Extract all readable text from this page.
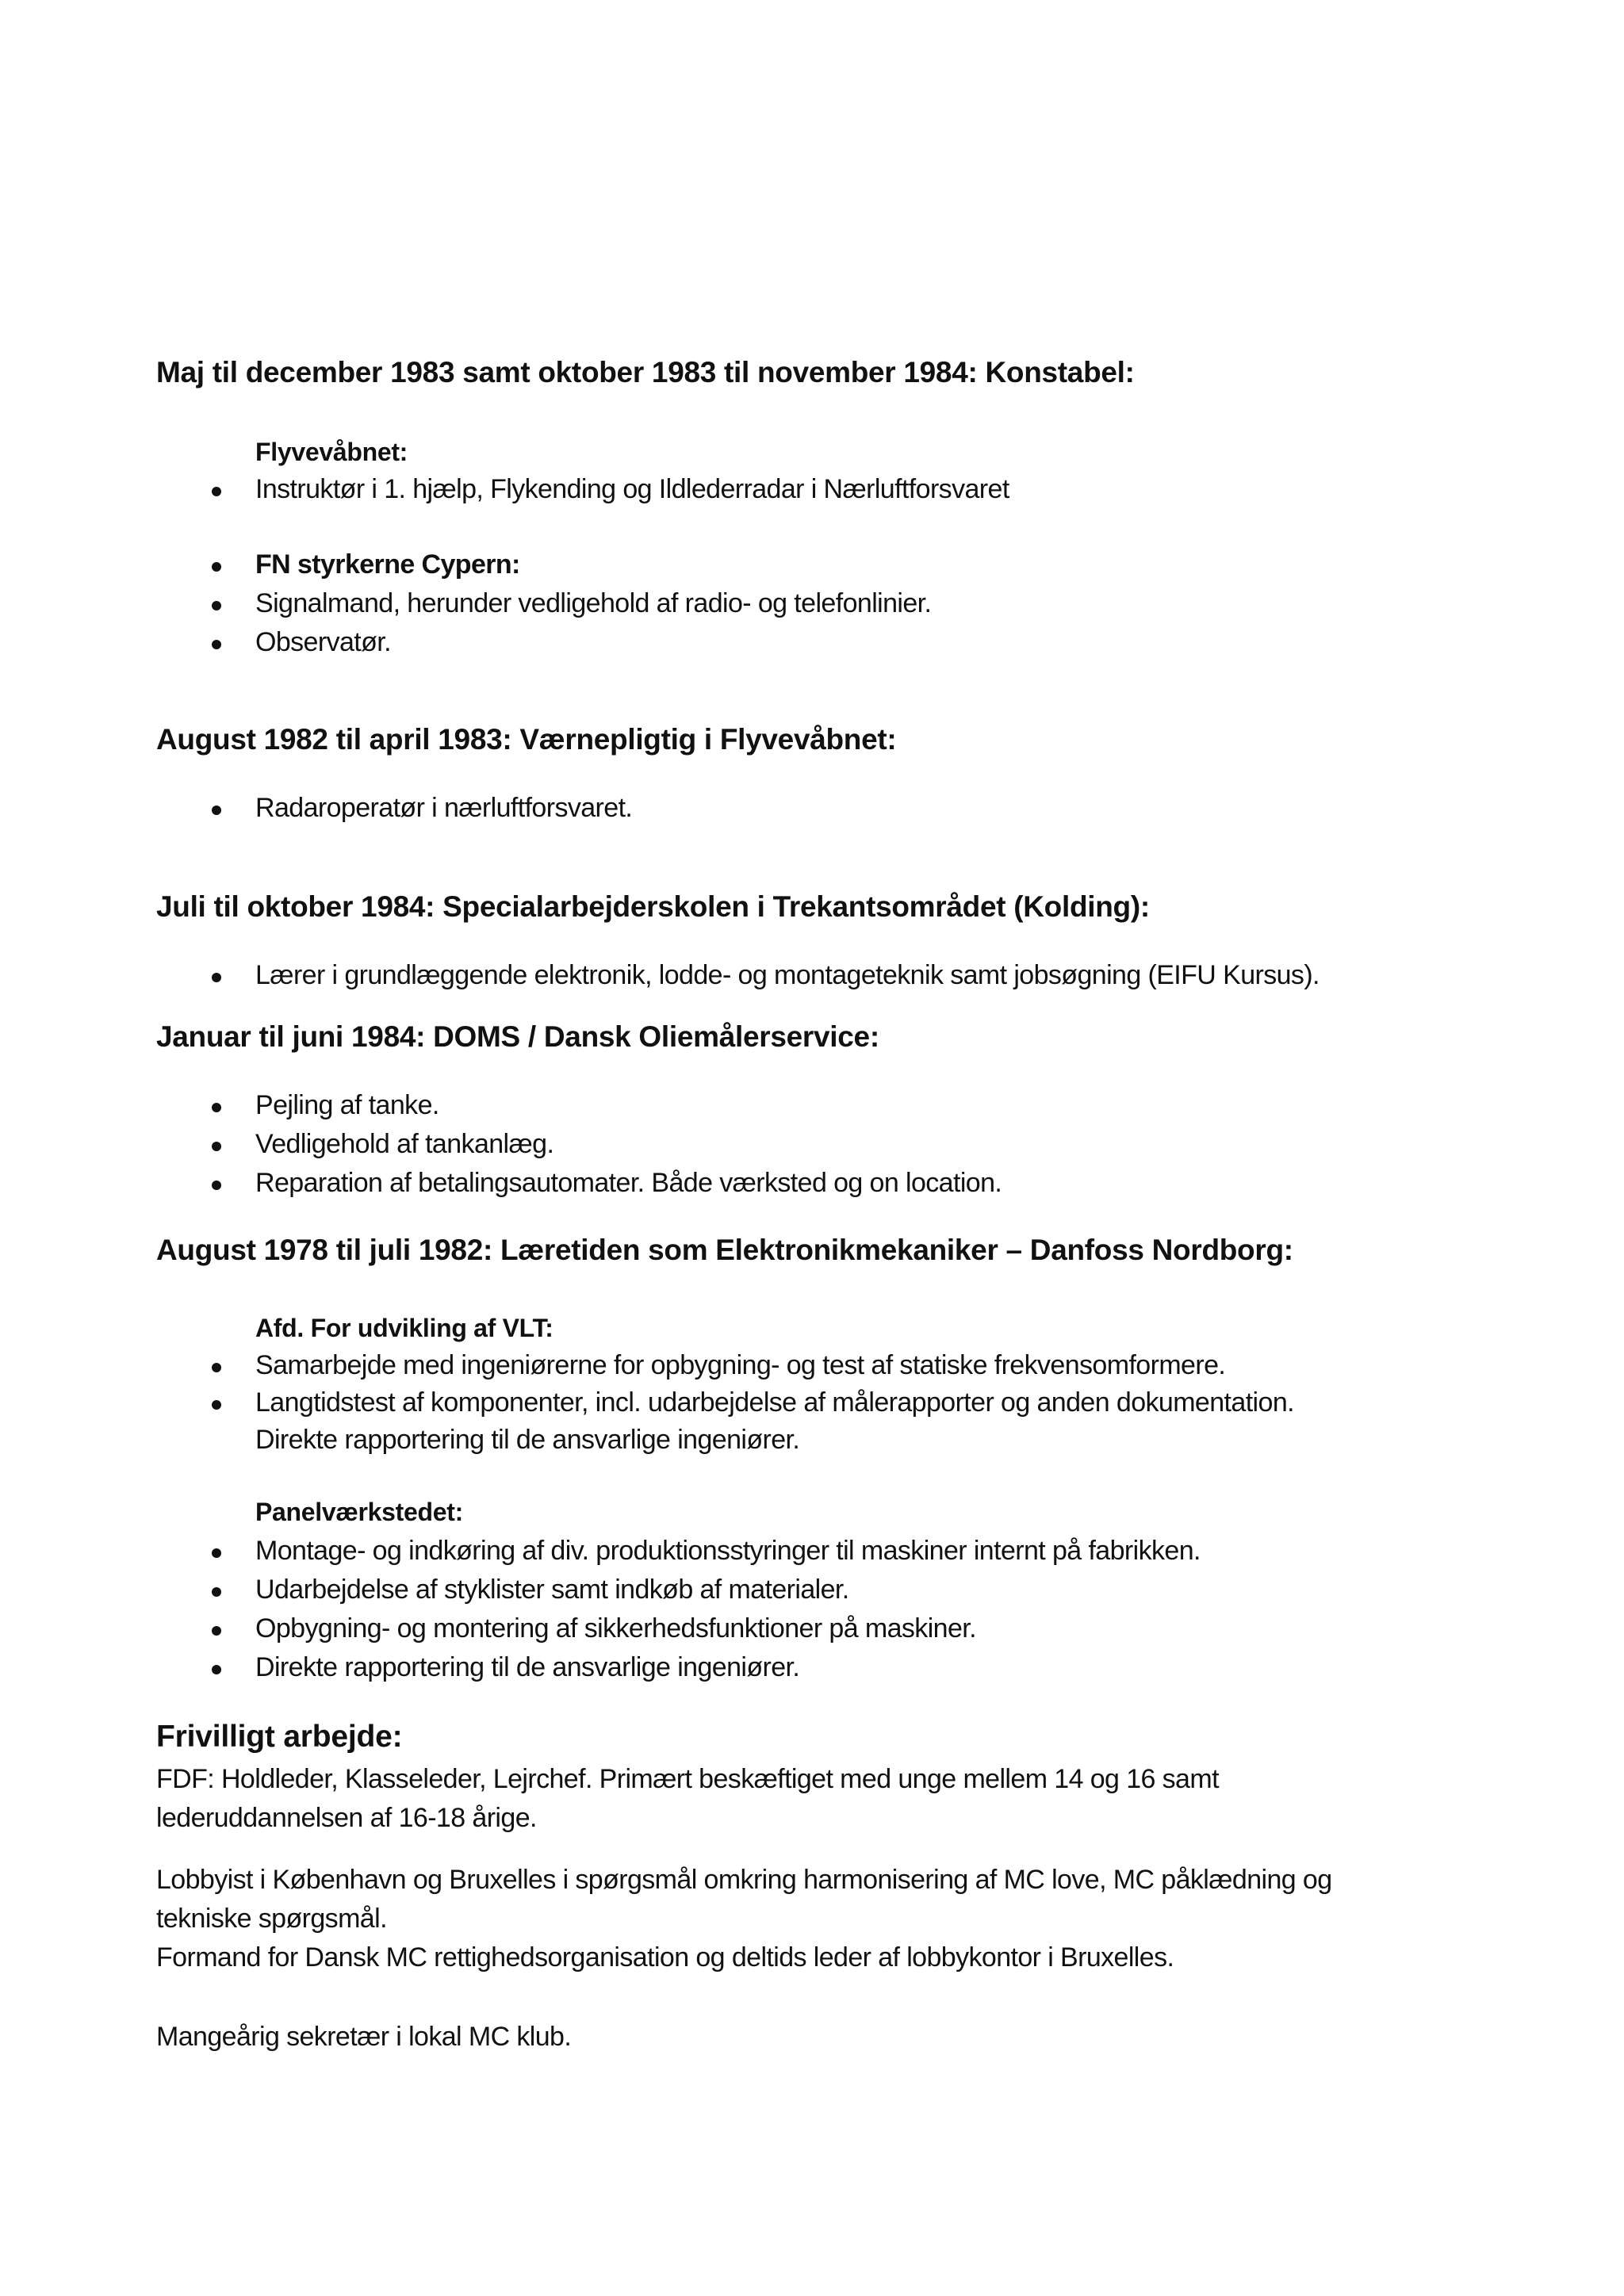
Maj til december 1983 samt oktober 1983 til november 1984: Konstabel:
Flyvevåbnet:
Instruktør i 1. hjælp, Flykending og Ildlederradar i Nærluftforsvaret
FN styrkerne Cypern:
Signalmand, herunder vedligehold af radio- og telefonlinier.
Observatør.
August 1982 til april 1983: Værnepligtig i Flyvevåbnet:
Radaroperatør i nærluftforsvaret.
Juli til oktober 1984: Specialarbejderskolen i Trekantsområdet (Kolding):
Lærer i grundlæggende elektronik, lodde- og montageteknik samt jobsøgning (EIFU Kursus).
Januar til juni 1984: DOMS / Dansk Oliemålerservice:
Pejling af tanke.
Vedligehold af tankanlæg.
Reparation af betalingsautomater. Både værksted og on location.
August 1978 til juli 1982: Læretiden som Elektronikmekaniker – Danfoss Nordborg:
Afd. For udvikling af VLT:
Samarbejde med ingeniørerne for opbygning- og test af statiske frekvensomformere.
Langtidstest af komponenter, incl. udarbejdelse af målerapporter og anden dokumentation.
Direkte rapportering til de ansvarlige ingeniører.
Panelværkstedet:
Montage- og indkøring af div. produktionsstyringer til maskiner internt på fabrikken.
Udarbejdelse af styklister samt indkøb af materialer.
Opbygning- og montering af sikkerhedsfunktioner på maskiner.
Direkte rapportering til de ansvarlige ingeniører.
Frivilligt arbejde:
FDF: Holdleder, Klasseleder, Lejrchef. Primært beskæftiget med unge mellem 14 og 16 samt
lederuddannelsen af 16-18 årige.
Lobbyist i København og Bruxelles i spørgsmål omkring harmonisering af MC love, MC påklædning og
tekniske spørgsmål.
Formand for Dansk MC rettighedsorganisation og deltids leder af lobbykontor i Bruxelles.
Mangeårig sekretær i lokal MC klub.
